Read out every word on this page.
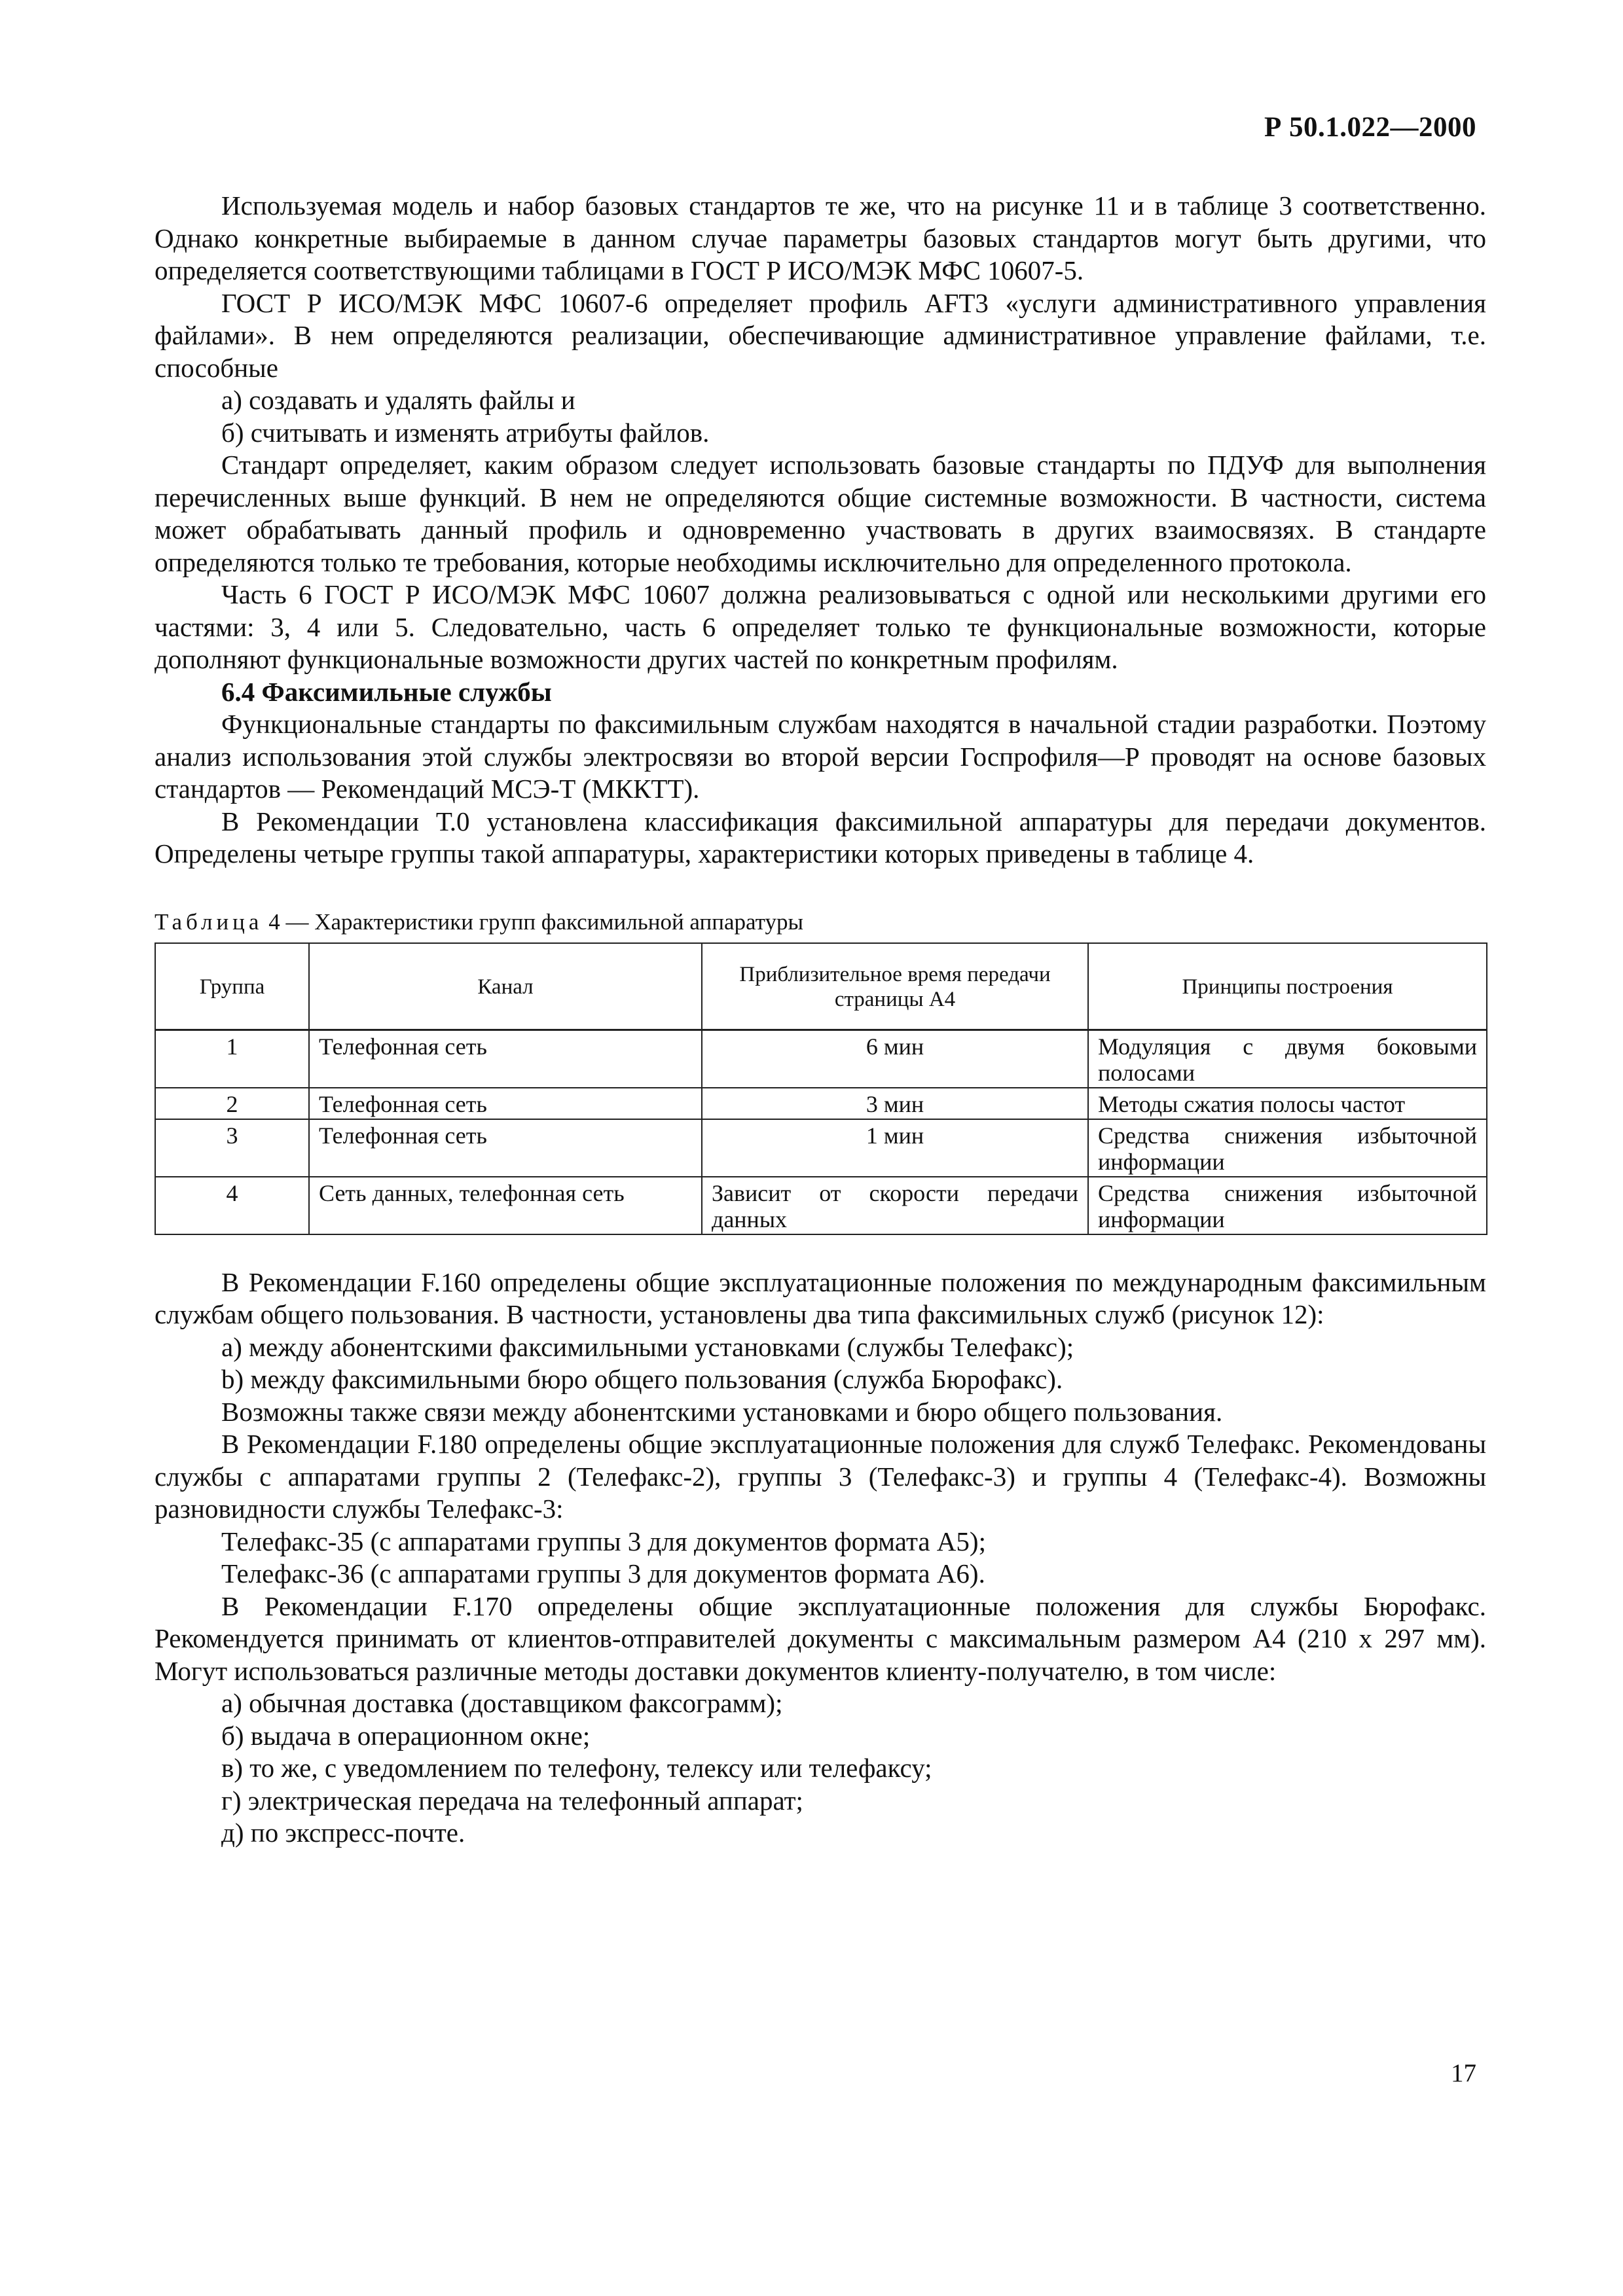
Р 50.1.022—2000

Используемая модель и набор базовых стандартов те же, что на рисунке 11 и в таблице 3 соответственно. Однако конкретные выбираемые в данном случае параметры базовых стандартов могут быть другими, что определяется соответствующими таблицами в ГОСТ Р ИСО/МЭК МФС 10607-5.

ГОСТ Р ИСО/МЭК МФС 10607-6 определяет профиль AFT3 «услуги административного управления файлами». В нем определяются реализации, обеспечивающие административное управление файлами, т.е. способные

а) создавать и удалять файлы и

б) считывать и изменять атрибуты файлов.

Стандарт определяет, каким образом следует использовать базовые стандарты по ПДУФ для выполнения перечисленных выше функций. В нем не определяются общие системные возможности. В частности, система может обрабатывать данный профиль и одновременно участвовать в других взаимосвязях. В стандарте определяются только те требования, которые необходимы исключительно для определенного протокола.

Часть 6 ГОСТ Р ИСО/МЭК МФС 10607 должна реализовываться с одной или несколькими другими его частями: 3, 4 или 5. Следовательно, часть 6 определяет только те функциональные возможности, которые дополняют функциональные возможности других частей по конкретным профилям.

6.4 Факсимильные службы

Функциональные стандарты по факсимильным службам находятся в начальной стадии разработки. Поэтому анализ использования этой службы электросвязи во второй версии Госпрофиля—Р проводят на основе базовых стандартов — Рекомендаций МСЭ-Т (МККТТ).

В Рекомендации Т.0 установлена классификация факсимильной аппаратуры для передачи документов. Определены четыре группы такой аппаратуры, характеристики которых приведены в таблице 4.

Таблица 4 — Характеристики групп факсимильной аппаратуры
Группа	Канал	Приблизительное время передачи страницы А4	Принципы построения
1	Телефонная сеть	6 мин	Модуляция с двумя боковыми полосами
2	Телефонная сеть	3 мин	Методы сжатия полосы частот
3	Телефонная сеть	1 мин	Средства снижения избыточной информации
4	Сеть данных, телефонная сеть	Зависит от скорости передачи данных	Средства снижения избыточной информации

В Рекомендации F.160 определены общие эксплуатационные положения по международным факсимильным службам общего пользования. В частности, установлены два типа факсимильных служб (рисунок 12):

а) между абонентскими факсимильными установками (службы Телефакс);

b) между факсимильными бюро общего пользования (служба Бюрофакс).

Возможны также связи между абонентскими установками и бюро общего пользования.

В Рекомендации F.180 определены общие эксплуатационные положения для служб Телефакс. Рекомендованы службы с аппаратами группы 2 (Телефакс-2), группы 3 (Телефакс-3) и группы 4 (Телефакс-4). Возможны разновидности службы Телефакс-3:

Телефакс-35 (с аппаратами группы 3 для документов формата А5);

Телефакс-36 (с аппаратами группы 3 для документов формата А6).

В Рекомендации F.170 определены общие эксплуатационные положения для службы Бюрофакс. Рекомендуется принимать от клиентов-отправителей документы с максимальным размером А4 (210 x 297 мм). Могут использоваться различные методы доставки документов клиенту-получателю, в том числе:

а) обычная доставка (доставщиком факсограмм);

б) выдача в операционном окне;

в) то же, с уведомлением по телефону, телексу или телефаксу;

г) электрическая передача на телефонный аппарат;

д) по экспресс-почте.

17
